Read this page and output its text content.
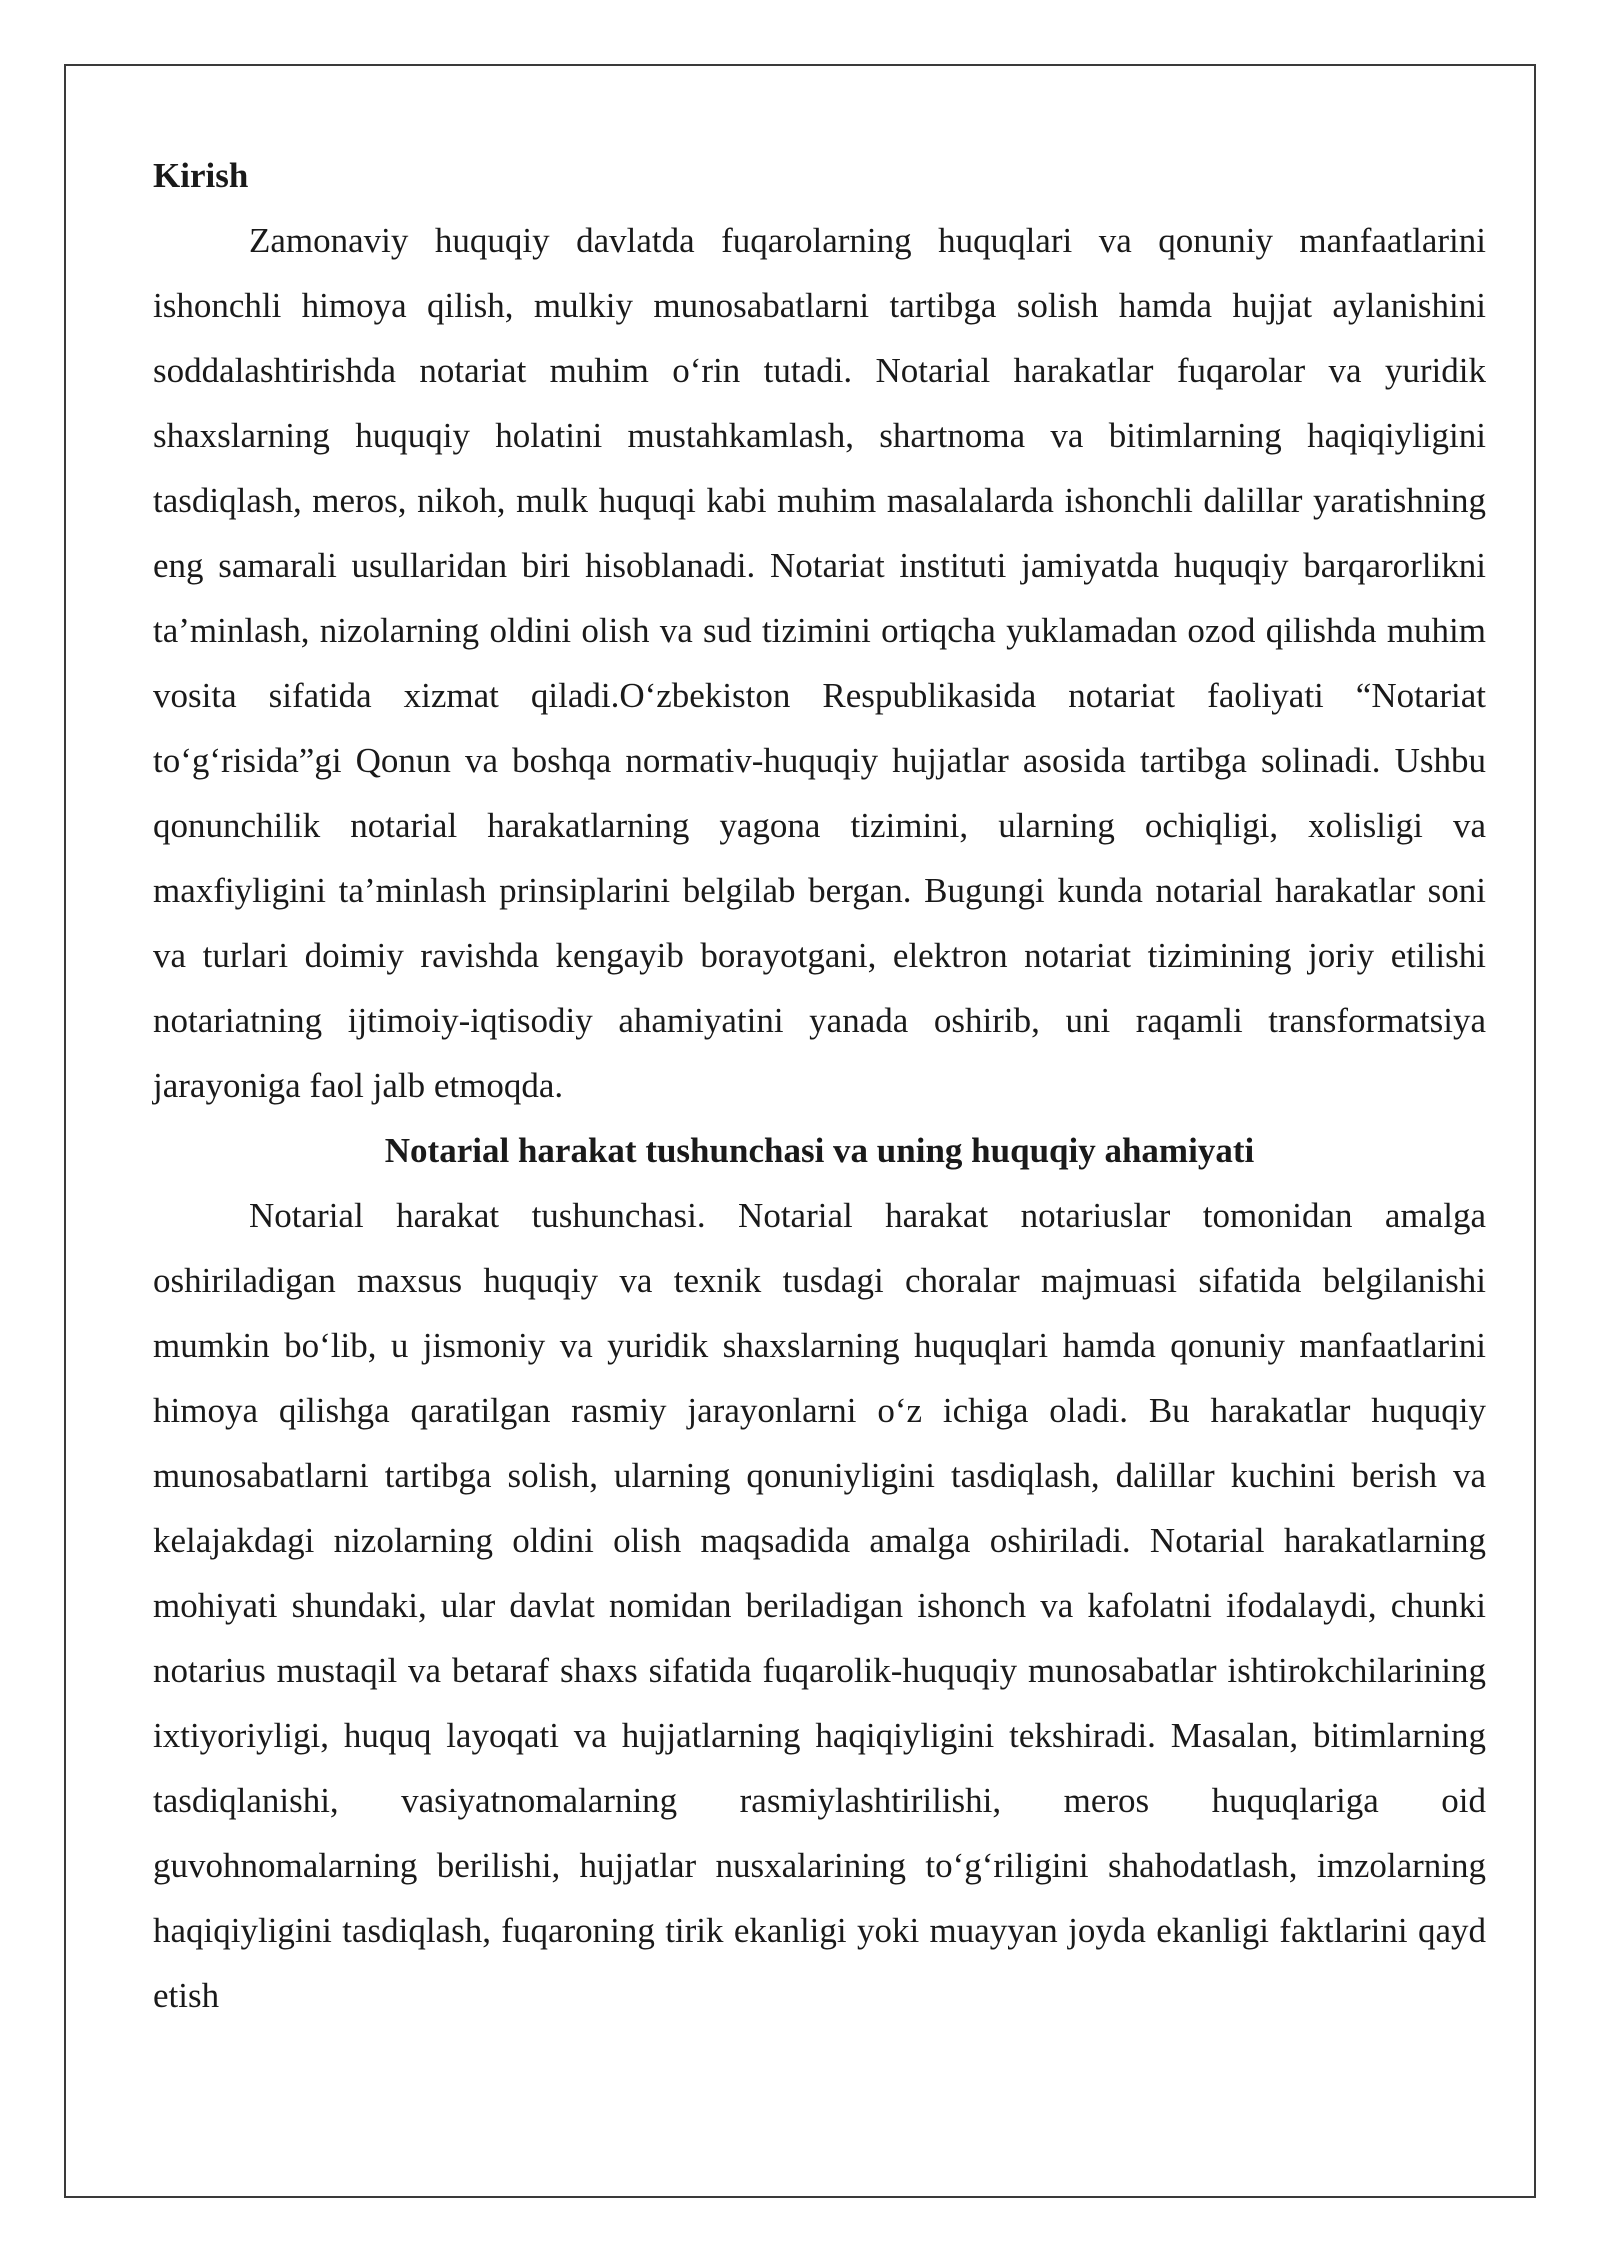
Kirish

Zamonaviy huquqiy davlatda fuqarolarning huquqlari va qonuniy manfaatlarini ishonchli himoya qilish, mulkiy munosabatlarni tartibga solish hamda hujjat aylanishini soddalashtirishda notariat muhim o‘rin tutadi. Notarial harakatlar fuqarolar va yuridik shaxslarning huquqiy holatini mustahkamlash, shartnoma va bitimlarning haqiqiyligini tasdiqlash, meros, nikoh, mulk huquqi kabi muhim masalalarda ishonchli dalillar yaratishning eng samarali usullaridan biri hisoblanadi. Notariat instituti jamiyatda huquqiy barqarorlikni ta’minlash, nizolarning oldini olish va sud tizimini ortiqcha yuklamadan ozod qilishda muhim vosita sifatida xizmat qiladi.O‘zbekiston Respublikasida notariat faoliyati “Notariat to‘g‘risida”gi Qonun va boshqa normativ-huquqiy hujjatlar asosida tartibga solinadi. Ushbu qonunchilik notarial harakatlarning yagona tizimini, ularning ochiqligi, xolisligi va maxfiyligini ta’minlash prinsiplarini belgilab bergan. Bugungi kunda notarial harakatlar soni va turlari doimiy ravishda kengayib borayotgani, elektron notariat tizimining joriy etilishi notariatning ijtimoiy-iqtisodiy ahamiyatini yanada oshirib, uni raqamli transformatsiya jarayoniga faol jalb etmoqda.

Notarial harakat tushunchasi va uning huquqiy ahamiyati

Notarial harakat tushunchasi. Notarial harakat notariuslar tomonidan amalga oshiriladigan maxsus huquqiy va texnik tusdagi choralar majmuasi sifatida belgilanishi mumkin bo‘lib, u jismoniy va yuridik shaxslarning huquqlari hamda qonuniy manfaatlarini himoya qilishga qaratilgan rasmiy jarayonlarni o‘z ichiga oladi. Bu harakatlar huquqiy munosabatlarni tartibga solish, ularning qonuniyligini tasdiqlash, dalillar kuchini berish va kelajakdagi nizolarning oldini olish maqsadida amalga oshiriladi. Notarial harakatlarning mohiyati shundaki, ular davlat nomidan beriladigan ishonch va kafolatni ifodalaydi, chunki notarius mustaqil va betaraf shaxs sifatida fuqarolik-huquqiy munosabatlar ishtirokchilarining ixtiyoriyligi, huquq layoqati va hujjatlarning haqiqiyligini tekshiradi. Masalan, bitimlarning tasdiqlanishi, vasiyatnomalarning rasmiylashtirilishi, meros huquqlariga oid guvohnomalarning berilishi, hujjatlar nusxalarining to‘g‘riligini shahodatlash, imzolarning haqiqiyligini tasdiqlash, fuqaroning tirik ekanligi yoki muayyan joyda ekanligi faktlarini qayd etish
